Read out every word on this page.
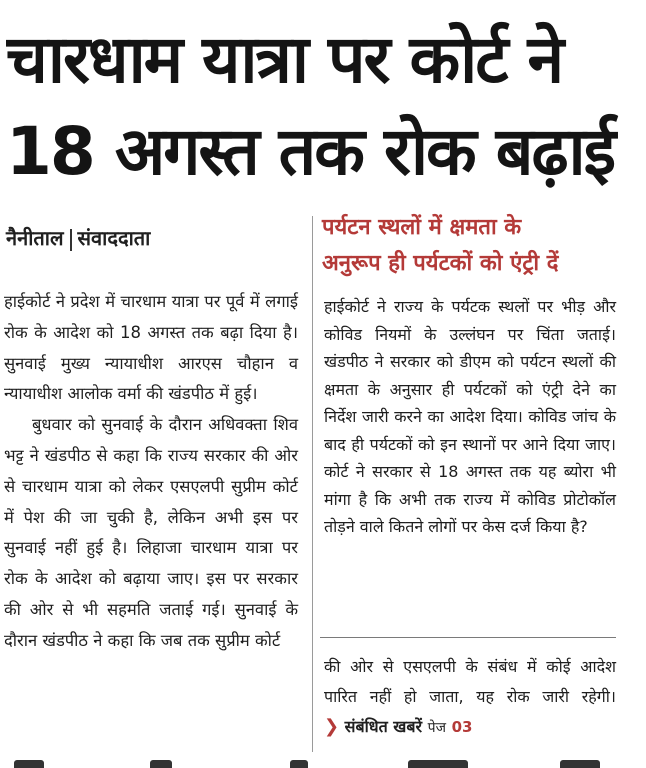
चारधाम यात्रा पर कोर्ट ने
18 अगस्त तक रोक बढ़ाई
नैनीताल संवाददाता

हाईकोर्ट ने प्रदेश में चारधाम यात्रा पर पूर्व में लगाई रोक के आदेश को 18 अगस्त तक बढ़ा दिया है। सुनवाई मुख्य न्यायाधीश आरएस चौहान व न्यायाधीश आलोक वर्मा की खंडपीठ में हुई।

बुधवार को सुनवाई के दौरान अधिवक्ता शिव भट्ट ने खंडपीठ से कहा कि राज्य सरकार की ओर से चारधाम यात्रा को लेकर एसएलपी सुप्रीम कोर्ट में पेश की जा चुकी है, लेकिन अभी इस पर सुनवाई नहीं हुई है। लिहाजा चारधाम यात्रा पर रोक के आदेश को बढ़ाया जाए। इस पर सरकार की ओर से भी सहमति जताई गई। सुनवाई के दौरान खंडपीठ ने कहा कि जब तक सुप्रीम कोर्ट

पर्यटन स्थलों में क्षमता के
अनुरूप ही पर्यटकों को एंट्री दें

हाईकोर्ट ने राज्य के पर्यटक स्थलों पर भीड़ और कोविड नियमों के उल्लंघन पर चिंता जताई। खंडपीठ ने सरकार को डीएम को पर्यटन स्थलों की क्षमता के अनुसार ही पर्यटकों को एंट्री देने का निर्देश जारी करने का आदेश दिया। कोविड जांच के बाद ही पर्यटकों को इन स्थानों पर आने दिया जाए। कोर्ट ने सरकार से 18 अगस्त तक यह ब्योरा भी मांगा है कि अभी तक राज्य में कोविड प्रोटोकॉल तोड़ने वाले कितने लोगों पर केस दर्ज किया है?

की ओर से एसएलपी के संबंध में कोई आदेश पारित नहीं हो जाता, यह रोक जारी रहेगी। ❯ संबंधित खबरें पेज 03
